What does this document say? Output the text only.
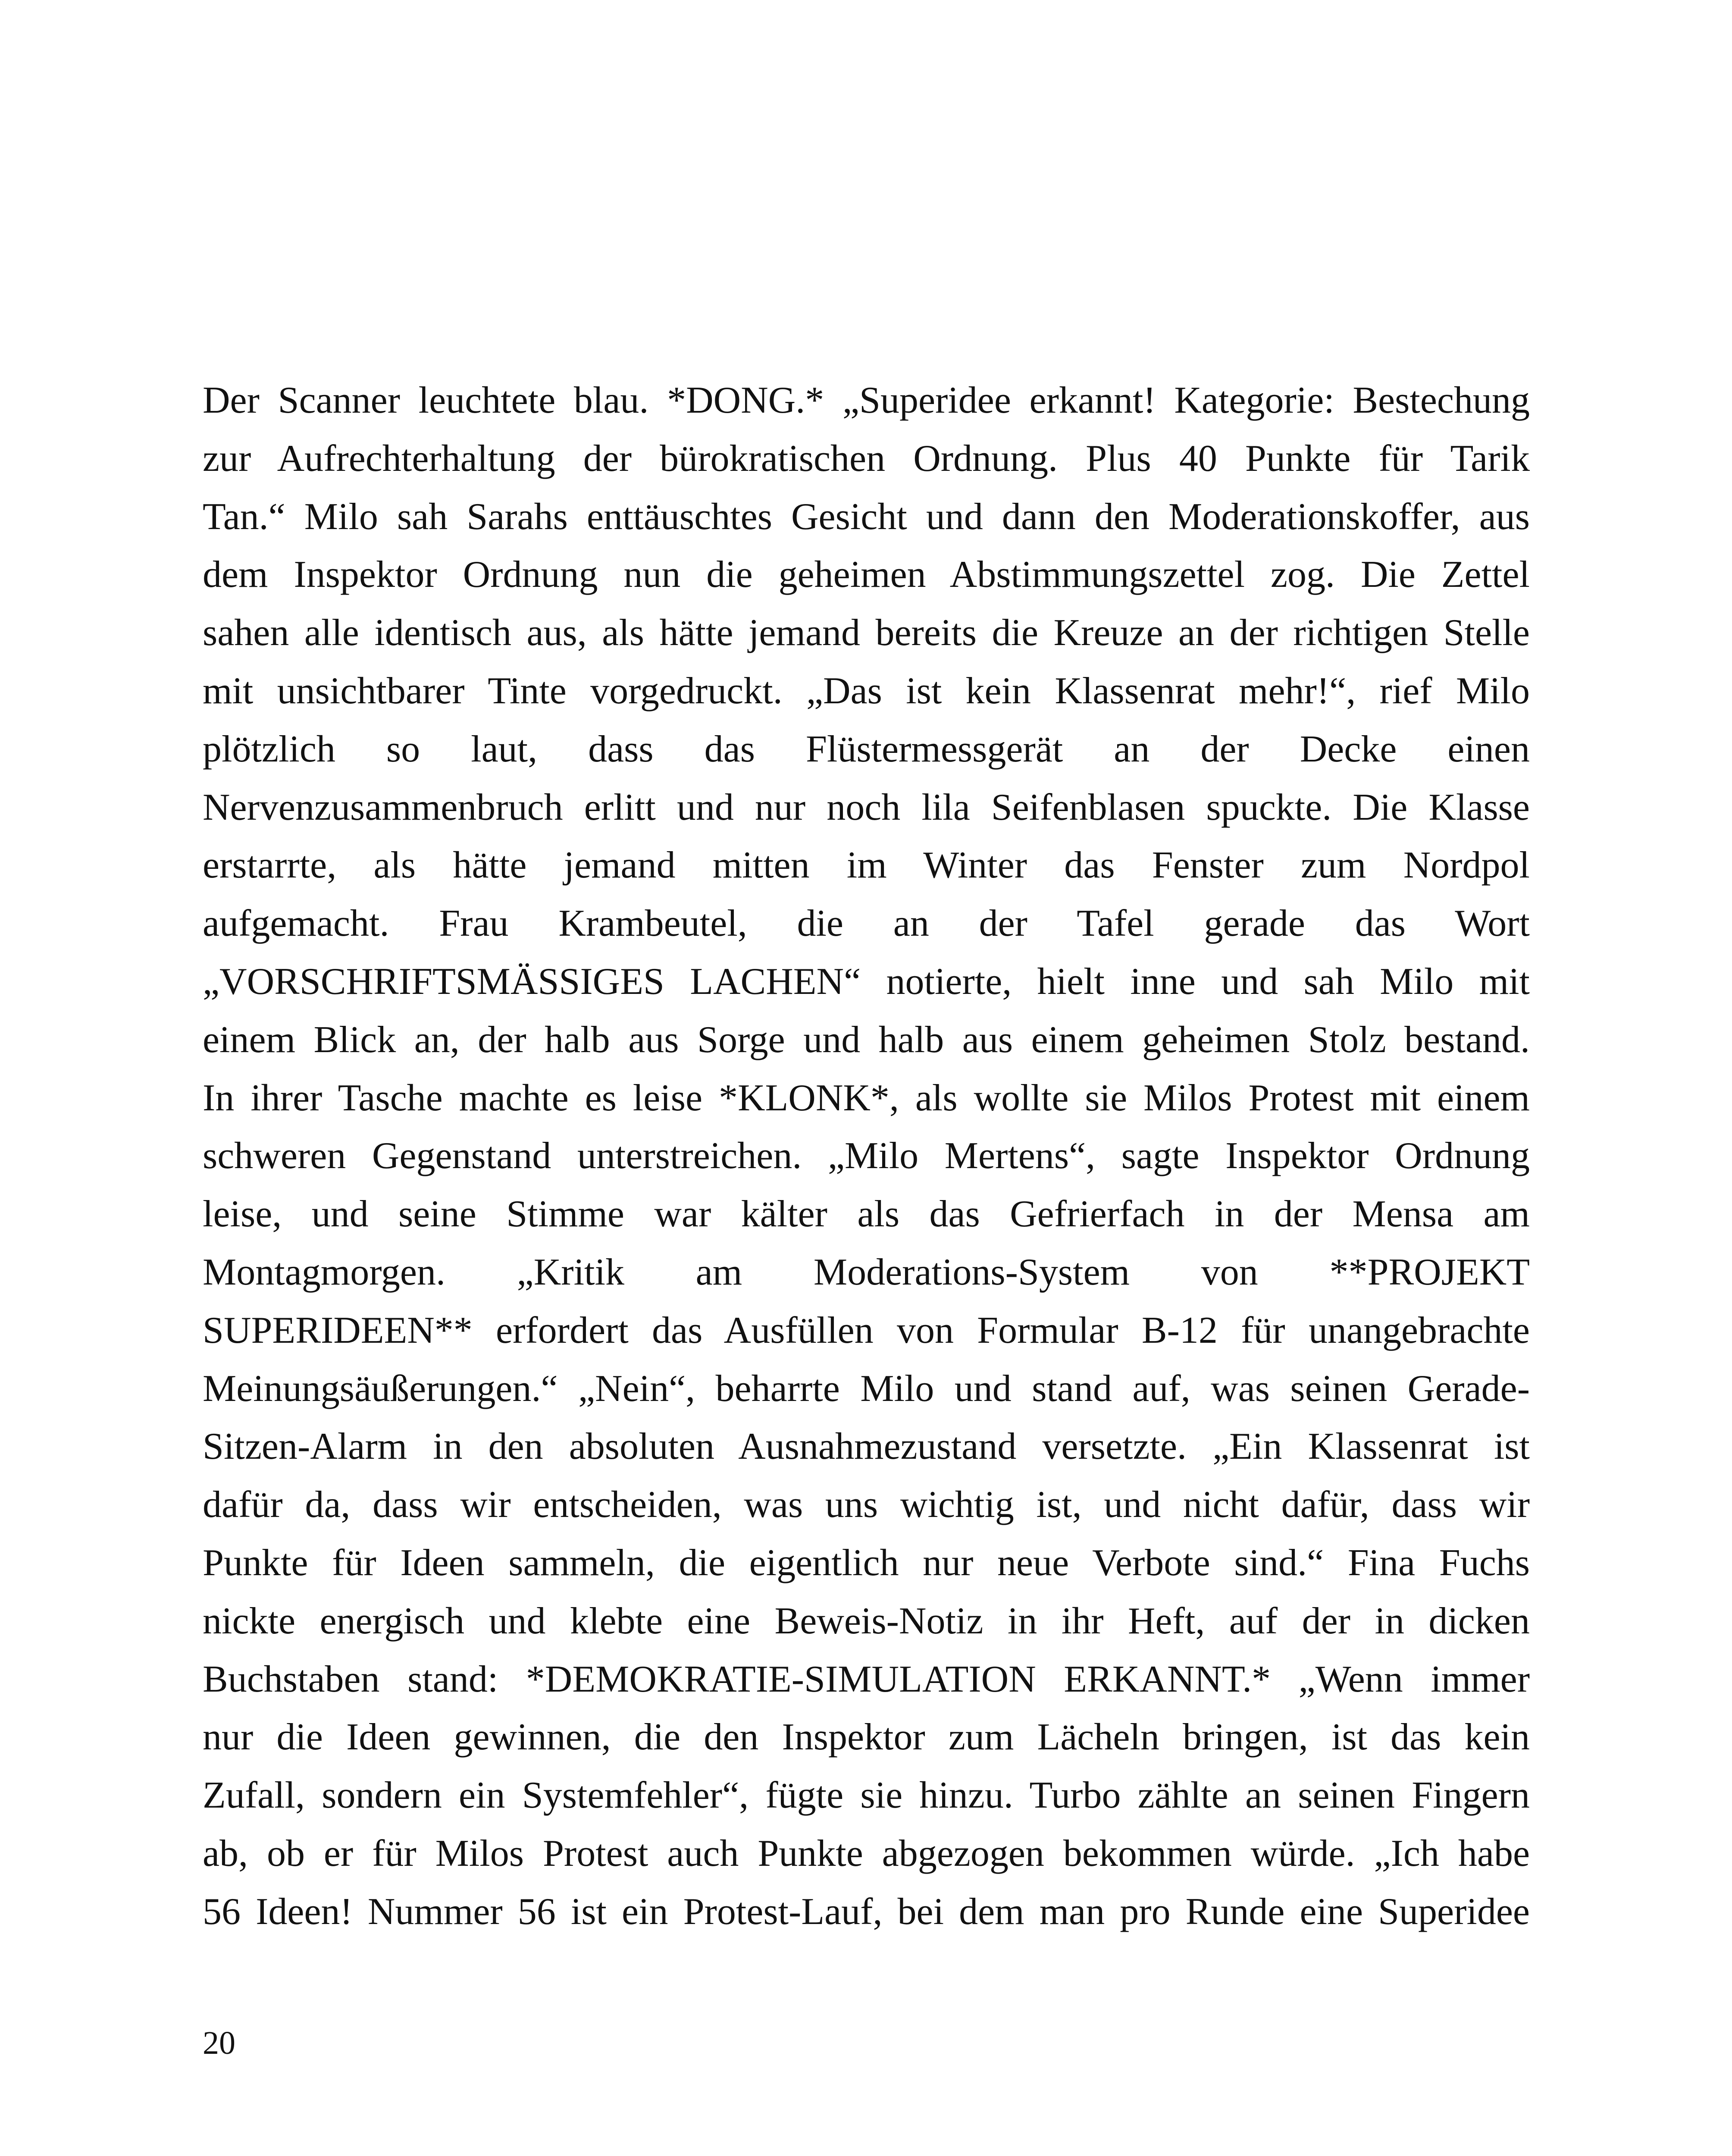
Der Scanner leuchtete blau. *DONG.* „Superidee erkannt! Kategorie: Bestechung
zur Aufrechterhaltung der bürokratischen Ordnung. Plus 40 Punkte für Tarik
Tan.“ Milo sah Sarahs enttäuschtes Gesicht und dann den Moderationskoffer, aus
dem Inspektor Ordnung nun die geheimen Abstimmungszettel zog. Die Zettel
sahen alle identisch aus, als hätte jemand bereits die Kreuze an der richtigen Stelle
mit unsichtbarer Tinte vorgedruckt. „Das ist kein Klassenrat mehr!“, rief Milo
plötzlich so laut, dass das Flüstermessgerät an der Decke einen
Nervenzusammenbruch erlitt und nur noch lila Seifenblasen spuckte. Die Klasse
erstarrte, als hätte jemand mitten im Winter das Fenster zum Nordpol
aufgemacht. Frau Krambeutel, die an der Tafel gerade das Wort
„VORSCHRIFTSMÄSSIGES LACHEN“ notierte, hielt inne und sah Milo mit
einem Blick an, der halb aus Sorge und halb aus einem geheimen Stolz bestand.
In ihrer Tasche machte es leise *KLONK*, als wollte sie Milos Protest mit einem
schweren Gegenstand unterstreichen. „Milo Mertens“, sagte Inspektor Ordnung
leise, und seine Stimme war kälter als das Gefrierfach in der Mensa am
Montagmorgen. „Kritik am Moderations-System von **PROJEKT
SUPERIDEEN** erfordert das Ausfüllen von Formular B-12 für unangebrachte
Meinungsäußerungen.“ „Nein“, beharrte Milo und stand auf, was seinen Gerade-
Sitzen-Alarm in den absoluten Ausnahmezustand versetzte. „Ein Klassenrat ist
dafür da, dass wir entscheiden, was uns wichtig ist, und nicht dafür, dass wir
Punkte für Ideen sammeln, die eigentlich nur neue Verbote sind.“ Fina Fuchs
nickte energisch und klebte eine Beweis-Notiz in ihr Heft, auf der in dicken
Buchstaben stand: *DEMOKRATIE-SIMULATION ERKANNT.* „Wenn immer
nur die Ideen gewinnen, die den Inspektor zum Lächeln bringen, ist das kein
Zufall, sondern ein Systemfehler“, fügte sie hinzu. Turbo zählte an seinen Fingern
ab, ob er für Milos Protest auch Punkte abgezogen bekommen würde. „Ich habe
56 Ideen! Nummer 56 ist ein Protest-Lauf, bei dem man pro Runde eine Superidee
20
